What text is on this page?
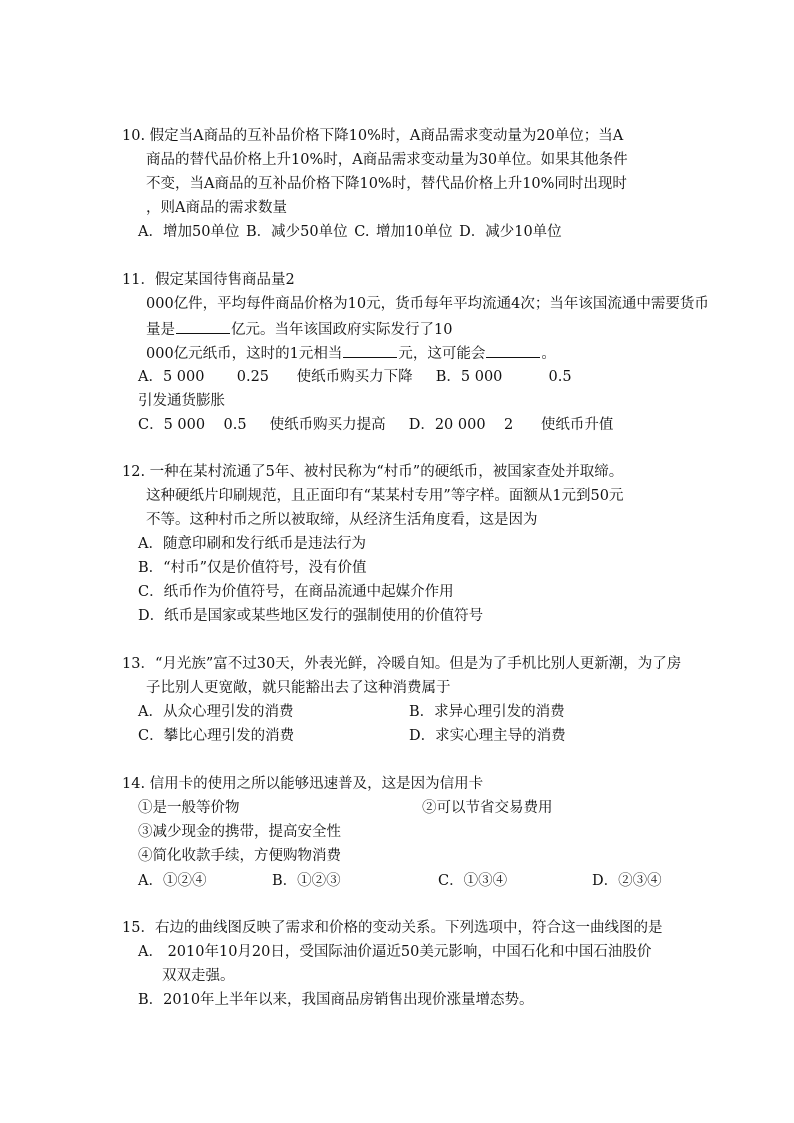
10. 假定当A商品的互补品价格下降10%时，A商品需求变动量为20单位；当A
商品的替代品价格上升10%时，A商品需求变动量为30单位。如果其他条件
不变，当A商品的互补品价格下降10%时，替代品价格上升10%同时出现时
，则A商品的需求数量
A．增加50单位 B．减少50单位 C. 增加10单位 D．减少10单位
11．假定某国待售商品量2
000亿件，平均每件商品价格为10元，货币每年平均流通4次；当年该国流通中需要货币
量是	亿元。当年该国政府实际发行了10
000亿元纸币，这时的1元相当	元，这可能会	。
A．5 000       0.25      使纸币购买力下降     B．5 000          0.5
引发通货膨胀
C．5 000    0.5     使纸币购买力提高     D．20 000    2      使纸币升值
12. 一种在某村流通了5年、被村民称为“村币”的硬纸币，被国家查处并取缔。
这种硬纸片印刷规范，且正面印有“某某村专用”等字样。面额从1元到50元
不等。这种村币之所以被取缔，从经济生活角度看，这是因为
A．随意印刷和发行纸币是违法行为
B．“村币”仅是价值符号，没有价值
C．纸币作为价值符号，在商品流通中起媒介作用
D．纸币是国家或某些地区发行的强制使用的价值符号
13．“月光族”富不过30天，外表光鲜，冷暖自知。但是为了手机比别人更新潮，为了房
子比别人更宽敞，就只能豁出去了这种消费属于
A．从众心理引发的消费	B．求异心理引发的消费
C．攀比心理引发的消费	D．求实心理主导的消费
14. 信用卡的使用之所以能够迅速普及，这是因为信用卡
①是一般等价物	②可以节省交易费用
③减少现金的携带，提高安全性
④简化收款手续，方便购物消费
A．①②④	B．①②③	C．①③④	D．②③④
15．右边的曲线图反映了需求和价格的变动关系。下列选项中，符合这一曲线图的是
A． 2010年10月20日，受国际油价逼近50美元影响，中国石化和中国石油股价
双双走强。
B．2010年上半年以来，我国商品房销售出现价涨量增态势。
